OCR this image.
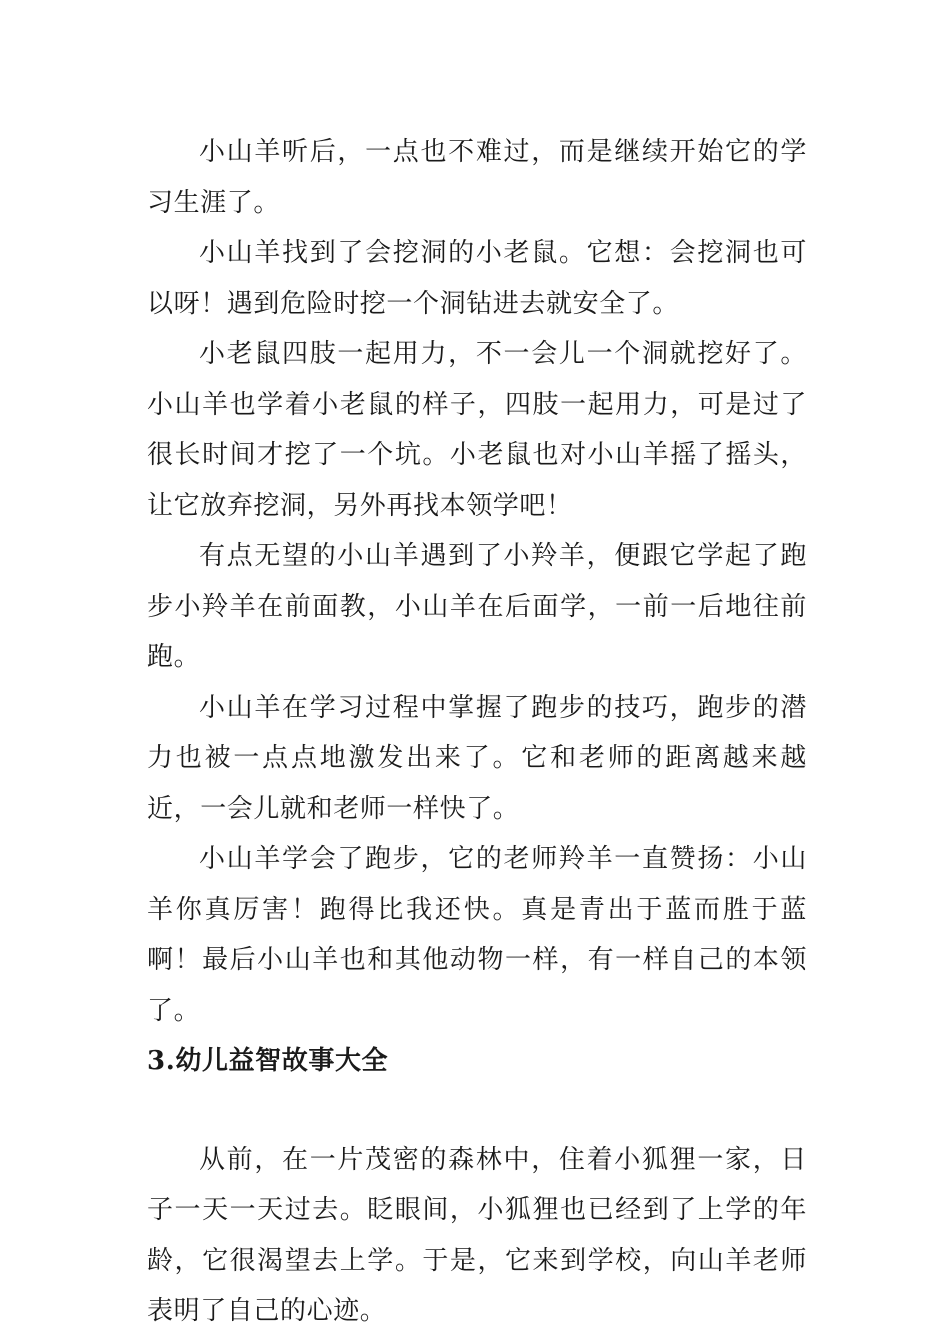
小山羊听后，一点也不难过，而是继续开始它的学习生涯了。

小山羊找到了会挖洞的小老鼠。它想：会挖洞也可以呀！遇到危险时挖一个洞钻进去就安全了。

小老鼠四肢一起用力，不一会儿一个洞就挖好了。小山羊也学着小老鼠的样子，四肢一起用力，可是过了很长时间才挖了一个坑。小老鼠也对小山羊摇了摇头，让它放弃挖洞，另外再找本领学吧！

有点无望的小山羊遇到了小羚羊，便跟它学起了跑步小羚羊在前面教，小山羊在后面学，一前一后地往前跑。

小山羊在学习过程中掌握了跑步的技巧，跑步的潜力也被一点点地激发出来了。它和老师的距离越来越近，一会儿就和老师一样快了。

小山羊学会了跑步，它的老师羚羊一直赞扬：小山羊你真厉害！跑得比我还快。真是青出于蓝而胜于蓝啊！最后小山羊也和其他动物一样，有一样自己的本领了。

3.幼儿益智故事大全

从前，在一片茂密的森林中，住着小狐狸一家，日子一天一天过去。眨眼间，小狐狸也已经到了上学的年龄，它很渴望去上学。于是，它来到学校，向山羊老师表明了自己的心迹。
